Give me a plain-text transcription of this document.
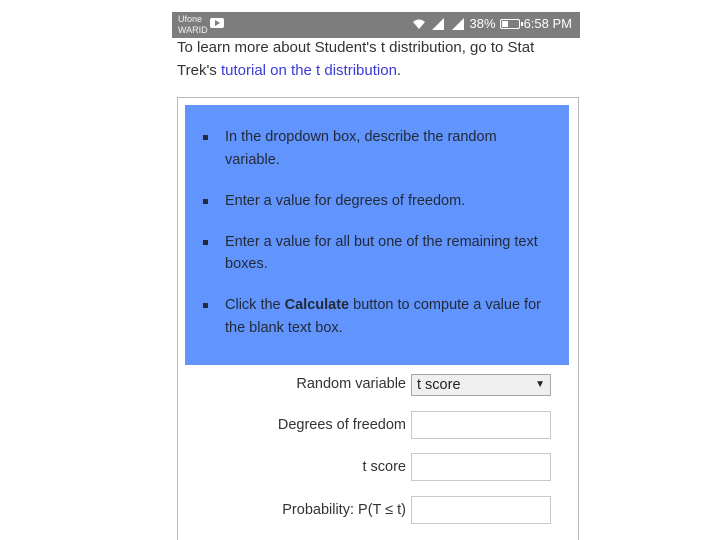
Ufone
WARID	38% 6:58 PM
To learn more about Student's t distribution, go to Stat Trek's tutorial on the t distribution.
In the dropdown box, describe the random variable.
Enter a value for degrees of freedom.
Enter a value for all but one of the remaining text boxes.
Click the Calculate button to compute a value for the blank text box.
Random variable t score	▼
Degrees of freedom
t score
Probability: P(T ≤ t)
